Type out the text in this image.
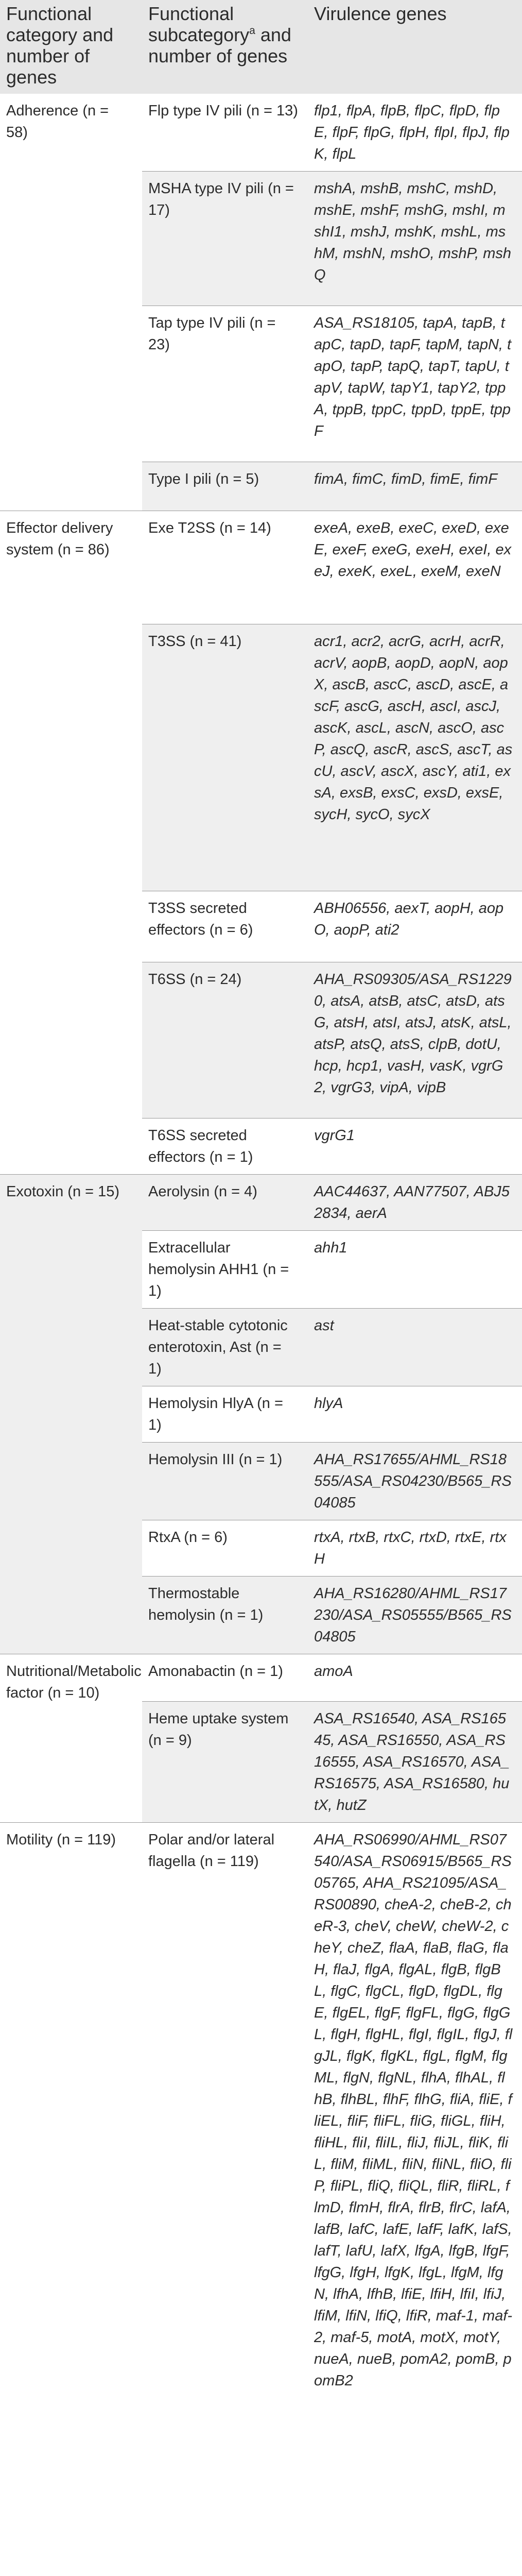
Functional category and number of genes	Functional subcategory$^a$ and number of genes	Virulence genes
Adherence (n = 58)	Flp type IV pili (n = 13)	flp1, flpA, flpB, flpC, flpD, flpE, flpF, flpG, flpH, flpI, flpJ, flpK, flpL
	MSHA type IV pili (n = 17)	mshA, mshB, mshC, mshD, mshE, mshF, mshG, mshI, mshI1, mshJ, mshK, mshL, mshM, mshN, mshO, mshP, mshQ
	Tap type IV pili (n = 23)	ASA_RS18105, tapA, tapB, tapC, tapD, tapF, tapM, tapN, tapO, tapP, tapQ, tapT, tapU, tapV, tapW, tapY1, tapY2, tppA, tppB, tppC, tppD, tppE, tppF
	Type I pili (n = 5)	fimA, fimC, fimD, fimE, fimF
Effector delivery system (n = 86)	Exe T2SS (n = 14)	exeA, exeB, exeC, exeD, exeE, exeF, exeG, exeH, exeI, exeJ, exeK, exeL, exeM, exeN
	T3SS (n = 41)	acr1, acr2, acrG, acrH, acrR, acrV, aopB, aopD, aopN, aopX, ascB, ascC, ascD, ascE, ascF, ascG, ascH, ascI, ascJ, ascK, ascL, ascN, ascO, ascP, ascQ, ascR, ascS, ascT, ascU, ascV, ascX, ascY, ati1, exsA, exsB, exsC, exsD, exsE, sycH, sycO, sycX
	T3SS secreted effectors (n = 6)	ABH06556, aexT, aopH, aopO, aopP, ati2
	T6SS (n = 24)	AHA_RS09305/ASA_RS12290, atsA, atsB, atsC, atsD, atsG, atsH, atsI, atsJ, atsK, atsL, atsP, atsQ, atsS, clpB, dotU, hcp, hcp1, vasH, vasK, vgrG2, vgrG3, vipA, vipB
	T6SS secreted effectors (n = 1)	vgrG1
Exotoxin (n = 15)	Aerolysin (n = 4)	AAC44637, AAN77507, ABJ52834, aerA
	Extracellular hemolysin AHH1 (n = 1)	ahh1
	Heat-stable cytotonic enterotoxin, Ast (n = 1)	ast
	Hemolysin HlyA (n = 1)	hlyA
	Hemolysin III (n = 1)	AHA_RS17655/AHML_RS18555/ASA_RS04230/B565_RS04085
	RtxA (n = 6)	rtxA, rtxB, rtxC, rtxD, rtxE, rtxH
	Thermostable hemolysin (n = 1)	AHA_RS16280/AHML_RS17230/ASA_RS05555/B565_RS04805
Nutritional/Metabolic factor (n = 10)	Amonabactin (n = 1)	amoA
	Heme uptake system (n = 9)	ASA_RS16540, ASA_RS16545, ASA_RS16550, ASA_RS16555, ASA_RS16570, ASA_RS16575, ASA_RS16580, hutX, hutZ
Motility (n = 119)	Polar and/or lateral flagella (n = 119)	AHA_RS06990/AHML_RS07540/ASA_RS06915/B565_RS05765, AHA_RS21095/ASA_RS00890, cheA-2, cheB-2, cheR-3, cheV, cheW, cheW-2, cheY, cheZ, flaA, flaB, flaG, flaH, flaJ, flgA, flgAL, flgB, flgBL, flgC, flgCL, flgD, flgDL, flgE, flgEL, flgF, flgFL, flgG, flgGL, flgH, flgHL, flgI, flgIL, flgJ, flgJL, flgK, flgKL, flgL, flgM, flgML, flgN, flgNL, flhA, flhAL, flhB, flhBL, flhF, flhG, fliA, fliE, fliEL, fliF, fliFL, fliG, fliGL, fliH, fliHL, fliI, fliIL, fliJ, fliJL, fliK, fliL, fliM, fliML, fliN, fliNL, fliO, fliP, fliPL, fliQ, fliQL, fliR, fliRL, flmD, flmH, flrA, flrB, flrC, lafA, lafB, lafC, lafE, lafF, lafK, lafS, lafT, lafU, lafX, lfgA, lfgB, lfgF, lfgG, lfgH, lfgK, lfgL, lfgM, lfgN, lfhA, lfhB, lfiE, lfiH, lfiI, lfiJ, lfiM, lfiN, lfiQ, lfiR, maf-1, maf-2, maf-5, motA, motX, motY, nueA, nueB, pomA2, pomB, pomB2
